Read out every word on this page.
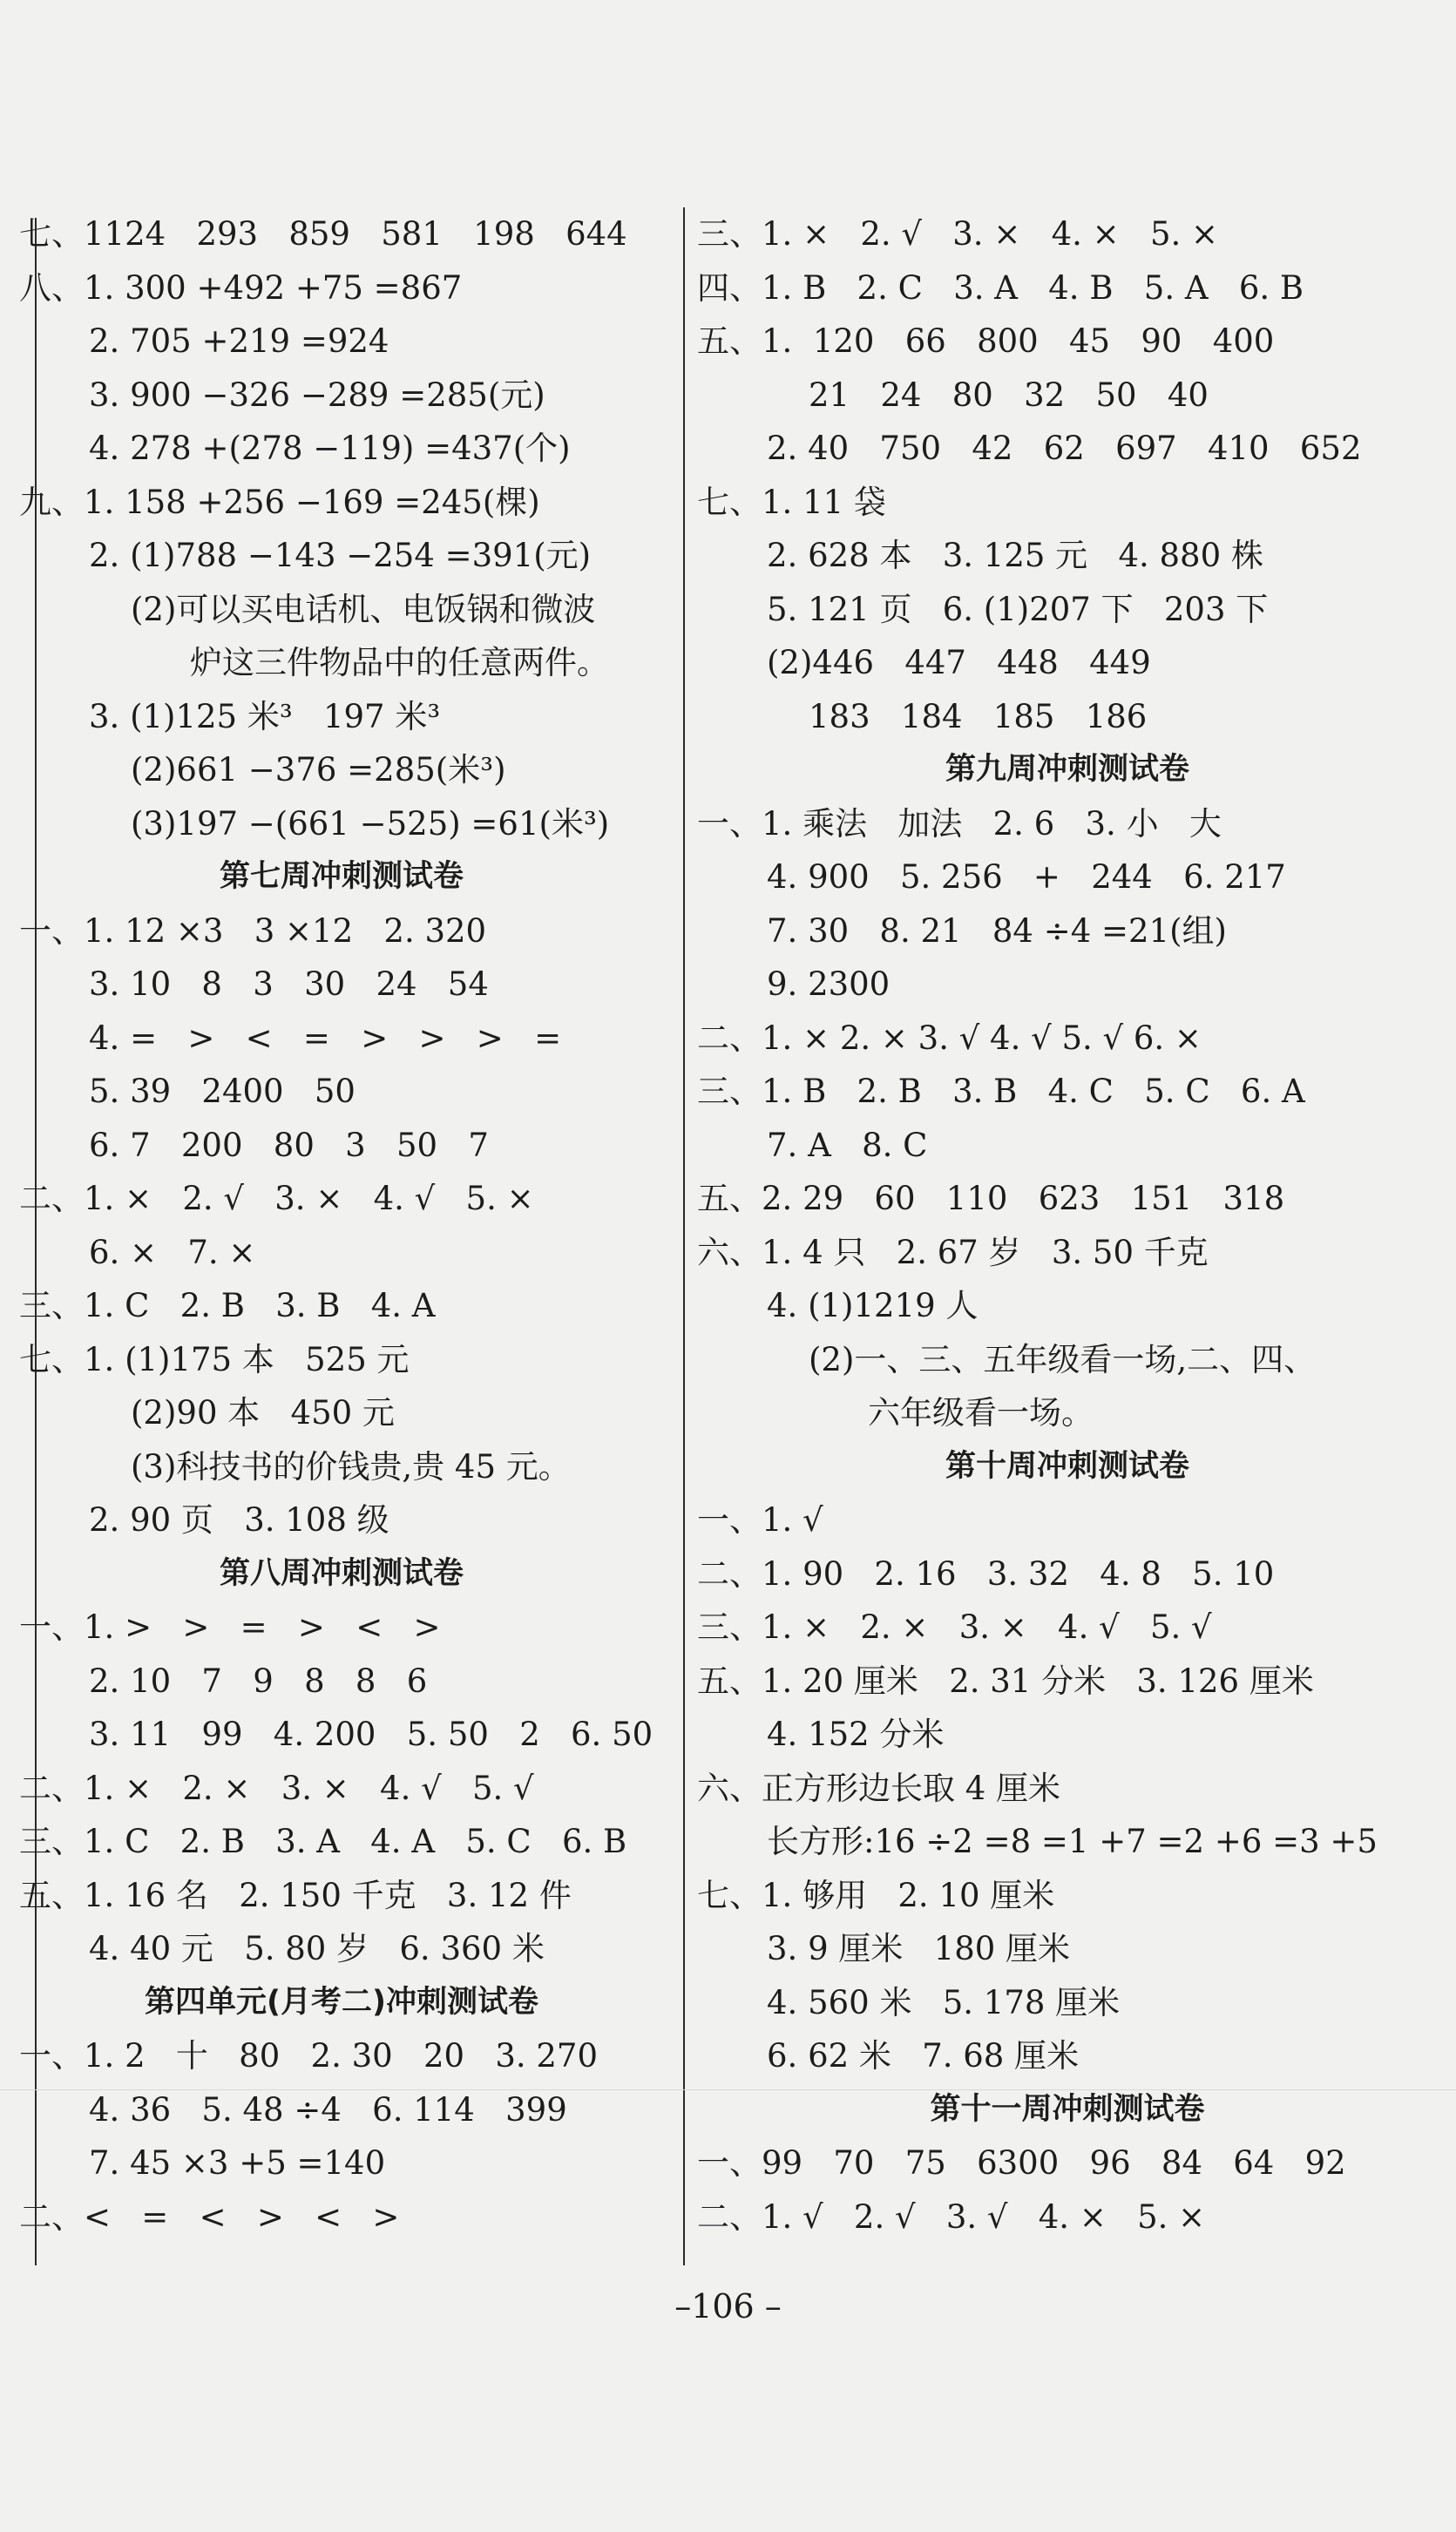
七、1124   293   859   581   198   644
八、1. 300 +492 +75 =867
2. 705 +219 =924
3. 900 −326 −289 =285(元)
4. 278 +(278 −119) =437(个)
九、1. 158 +256 −169 =245(棵)
2. (1)788 −143 −254 =391(元)
(2)可以买电话机、电饭锅和微波
炉这三件物品中的任意两件。
3. (1)125 米³   197 米³
(2)661 −376 =285(米³)
(3)197 −(661 −525) =61(米³)
第七周冲刺测试卷
一、1. 12 ×3   3 ×12   2. 320
3. 10   8   3   30   24   54
4. =   >   <   =   >   >   >   =
5. 39   2400   50
6. 7   200   80   3   50   7
二、1. ×   2. √   3. ×   4. √   5. ×
6. ×   7. ×
三、1. C   2. B   3. B   4. A
七、1. (1)175 本   525 元
(2)90 本   450 元
(3)科技书的价钱贵,贵 45 元。
2. 90 页   3. 108 级
第八周冲刺测试卷
一、1. >   >   =   >   <   >
2. 10   7   9   8   8   6
3. 11   99   4. 200   5. 50   2   6. 50
二、1. ×   2. ×   3. ×   4. √   5. √
三、1. C   2. B   3. A   4. A   5. C   6. B
五、1. 16 名   2. 150 千克   3. 12 件
4. 40 元   5. 80 岁   6. 360 米
第四单元(月考二)冲刺测试卷
一、1. 2   十   80   2. 30   20   3. 270
4. 36   5. 48 ÷4   6. 114   399
7. 45 ×3 +5 =140
二、<   =   <   >   <   >
三、1. ×   2. √   3. ×   4. ×   5. ×
四、1. B   2. C   3. A   4. B   5. A   6. B
五、1.  120   66   800   45   90   400
21   24   80   32   50   40
2. 40   750   42   62   697   410   652
七、1. 11 袋
2. 628 本   3. 125 元   4. 880 株
5. 121 页   6. (1)207 下   203 下
(2)446   447   448   449
183   184   185   186
第九周冲刺测试卷
一、1. 乘法   加法   2. 6   3. 小   大
4. 900   5. 256   +   244   6. 217
7. 30   8. 21   84 ÷4 =21(组)
9. 2300
二、1. × 2. × 3. √ 4. √ 5. √ 6. ×
三、1. B   2. B   3. B   4. C   5. C   6. A
7. A   8. C
五、2. 29   60   110   623   151   318
六、1. 4 只   2. 67 岁   3. 50 千克
4. (1)1219 人
(2)一、三、五年级看一场,二、四、
六年级看一场。
第十周冲刺测试卷
一、1. √
二、1. 90   2. 16   3. 32   4. 8   5. 10
三、1. ×   2. ×   3. ×   4. √   5. √
五、1. 20 厘米   2. 31 分米   3. 126 厘米
4. 152 分米
六、正方形边长取 4 厘米
长方形:16 ÷2 =8 =1 +7 =2 +6 =3 +5
七、1. 够用   2. 10 厘米
3. 9 厘米   180 厘米
4. 560 米   5. 178 厘米
6. 62 米   7. 68 厘米
第十一周冲刺测试卷
一、99   70   75   6300   96   84   64   92
二、1. √   2. √   3. √   4. ×   5. ×
–106 –
